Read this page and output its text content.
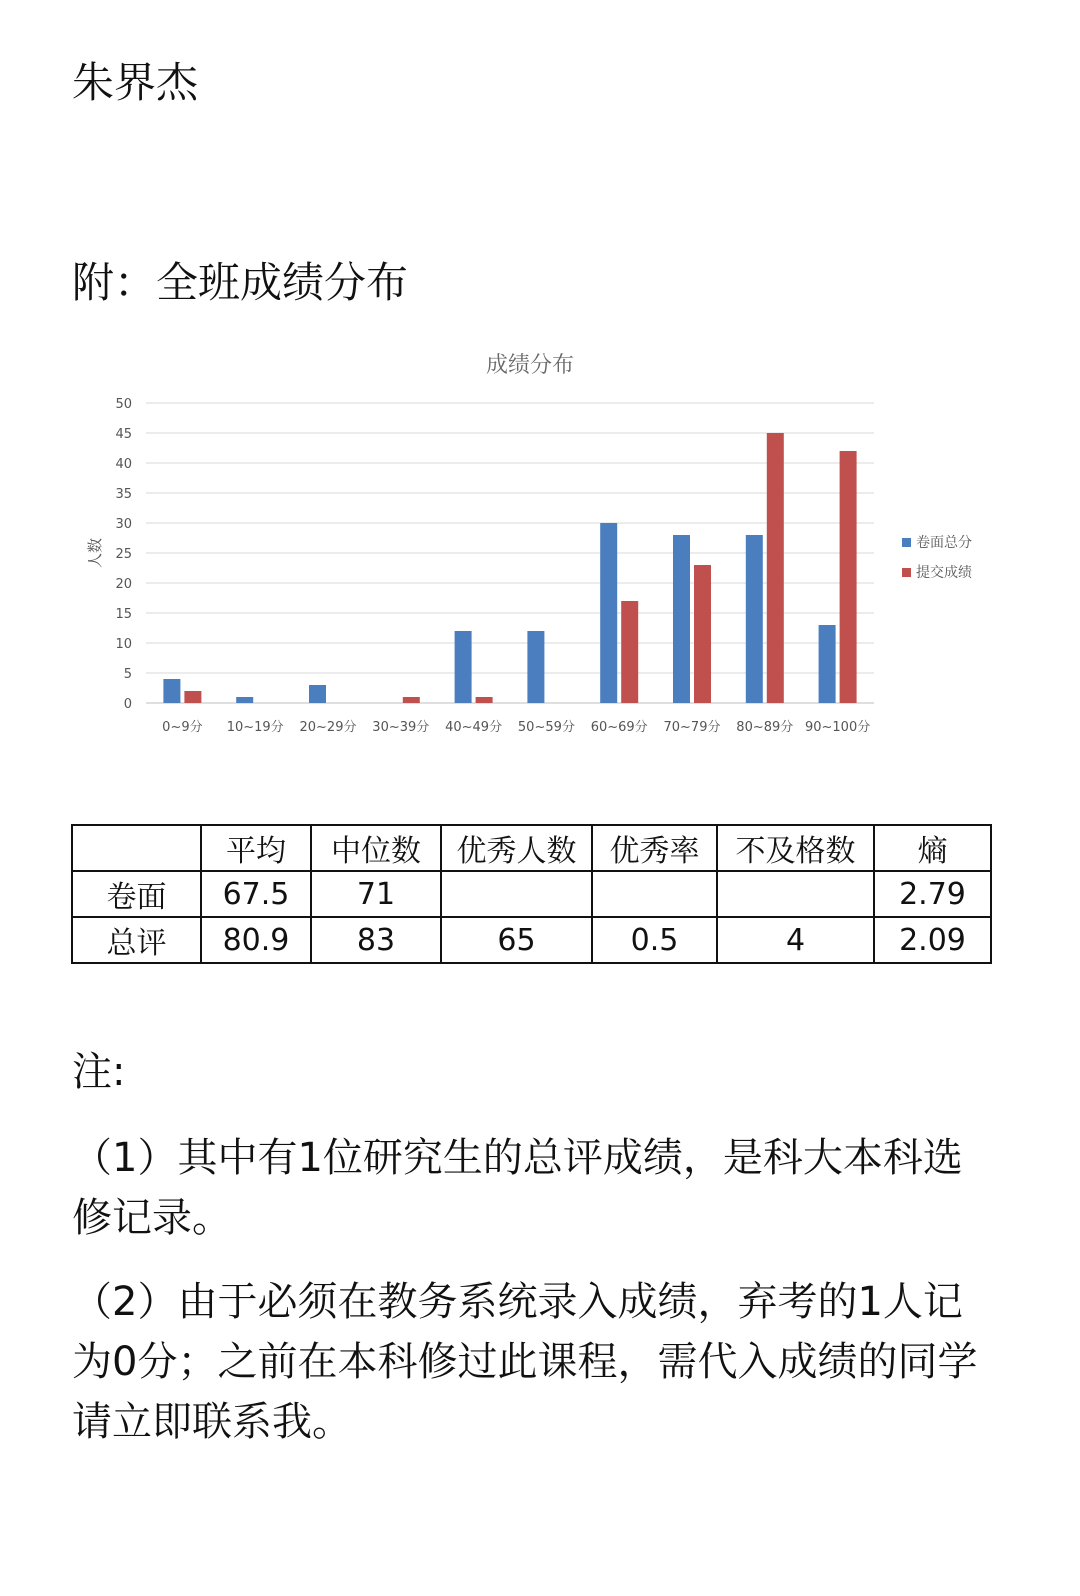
朱界杰
附：全班成绩分布
成绩分布
0
5
10
15
20
25
30
35
40
45
50
人数
0~9分 10~19分 20~29分 30~39分 40~49分 50~59分 60~69分 70~79分 80~89分 90~100分
卷面总分
提交成绩
	平均	中位数	优秀人数	优秀率	不及格数	熵
卷面	67.5	71				2.79
总评	80.9	83	65	0.5	4	2.09

注:

（1）其中有1位研究生的总评成绩，是科大本科选修记录。

（2）由于必须在教务系统录入成绩，弃考的1人记为0分；之前在本科修过此课程，需代入成绩的同学请立即联系我。
